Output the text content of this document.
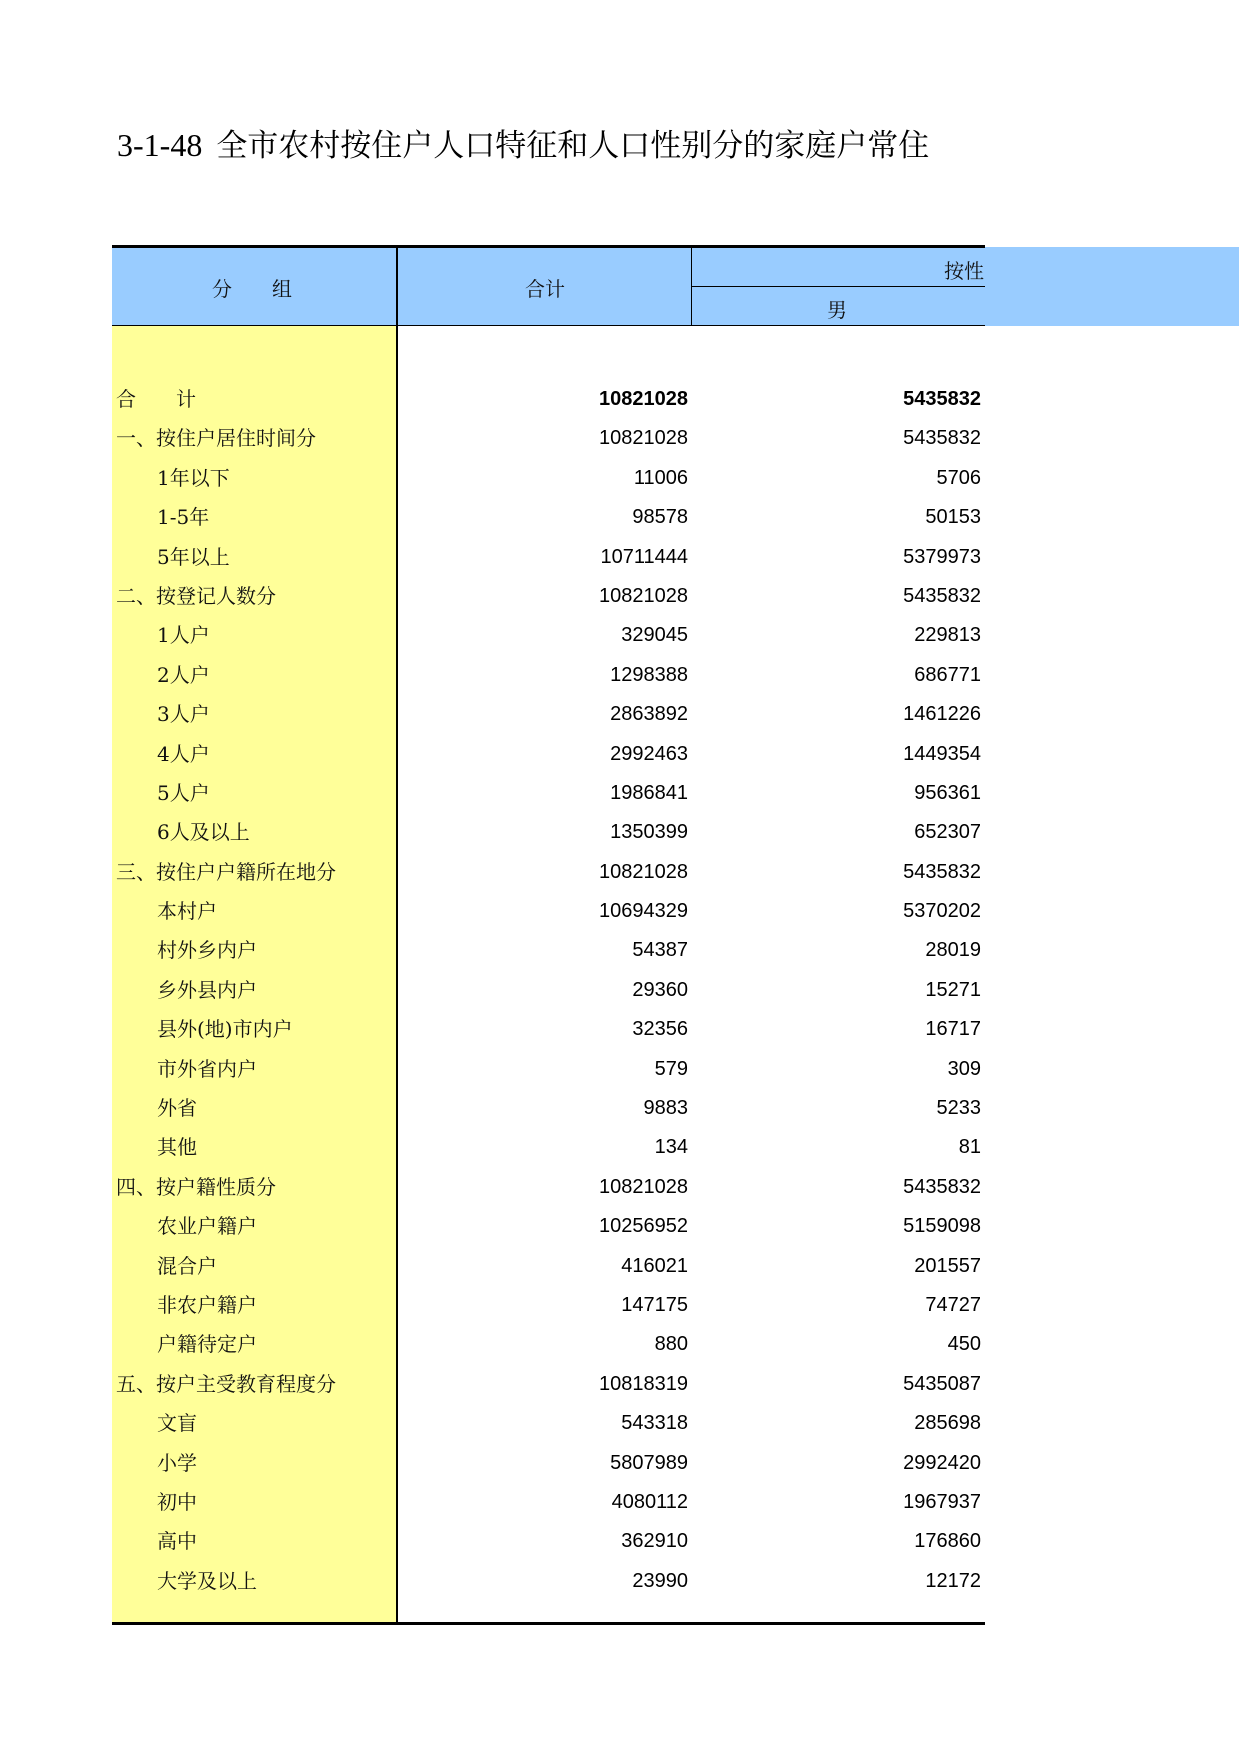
3-1-48 全市农村按住户人口特征和人口性别分的家庭户常住
分　　组	合计
按性
男
合　　计	10821028	5435832
一、按住户居住时间分	10821028	5435832
1年以下	11006	5706
1-5年	98578	50153
5年以上	10711444	5379973
二、按登记人数分	10821028	5435832
1人户	329045	229813
2人户	1298388	686771
3人户	2863892	1461226
4人户	2992463	1449354
5人户	1986841	956361
6人及以上	1350399	652307
三、按住户户籍所在地分	10821028	5435832
本村户	10694329	5370202
村外乡内户	54387	28019
乡外县内户	29360	15271
县外(地)市内户	32356	16717
市外省内户	579	309
外省	9883	5233
其他	134	81
四、按户籍性质分	10821028	5435832
农业户籍户	10256952	5159098
混合户	416021	201557
非农户籍户	147175	74727
户籍待定户	880	450
五、按户主受教育程度分	10818319	5435087
文盲	543318	285698
小学	5807989	2992420
初中	4080112	1967937
高中	362910	176860
大学及以上	23990	12172
